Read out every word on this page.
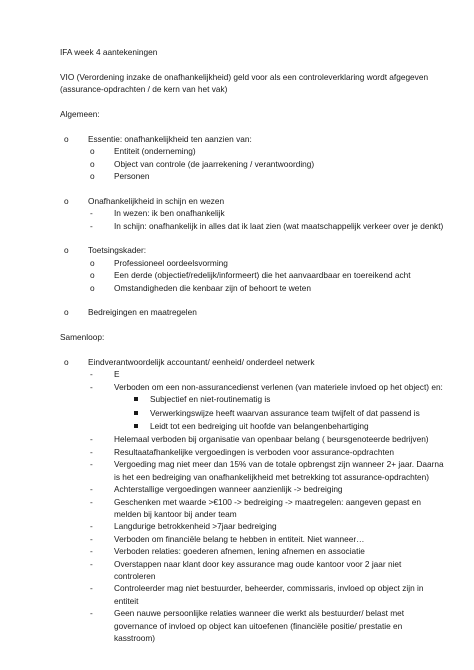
IFA week 4 aantekeningen

VIO (Verordening inzake de onafhankelijkheid) geld voor als een controleverklaring wordt afgegeven (assurance-opdrachten / de kern van het vak)

Algemeen:

o	Essentie: onafhankelijkheid ten aanzien van:
o	Entiteit (onderneming)
o	Object van controle (de jaarrekening / verantwoording)
o	Personen
o	Onafhankelijkheid in schijn en wezen
-	In wezen: ik ben onafhankelijk
-	In schijn: onafhankelijk in alles dat ik laat zien (wat maatschappelijk verkeer over je denkt)
o	Toetsingskader:
o	Professioneel oordeelsvorming
o	Een derde (objectief/redelijk/informeert) die het aanvaardbaar en toereikend acht
o	Omstandigheden die kenbaar zijn of behoort te weten
o	Bedreigingen en maatregelen

Samenloop:

o	Eindverantwoordelijk accountant/ eenheid/ onderdeel netwerk
-	E
-	Verboden om een non-assurancedienst verlenen (van materiele invloed op het object) en:
Subjectief en niet-routinematig is
Verwerkingswijze heeft waarvan assurance team twijfelt of dat passend is
Leidt tot een bedreiging uit hoofde van belangenbehartiging
-	Helemaal verboden bij organisatie van openbaar belang ( beursgenoteerde bedrijven)
-	Resultaatafhankelijke vergoedingen is verboden voor assurance-opdrachten
-	Vergoeding mag niet meer dan 15% van de totale opbrengst zijn wanneer 2+ jaar. Daarna is het een bedreiging van onafhankelijkheid met betrekking tot assurance-opdrachten)
-	Achterstallige vergoedingen wanneer aanzienlijk -> bedreiging
-	Geschenken met waarde >€100 -> bedreiging -> maatregelen: aangeven gepast en melden bij kantoor bij ander team
-	Langdurige betrokkenheid >7jaar bedreiging
-	Verboden om financiële belang te hebben in entiteit. Niet wanneer…
-	Verboden relaties: goederen afnemen, lening afnemen en associatie
-	Overstappen naar klant door key assurance mag oude kantoor voor 2 jaar niet controleren
-	Controleerder mag niet bestuurder, beheerder, commissaris, invloed op object zijn in entiteit
-	Geen nauwe persoonlijke relaties wanneer die werkt als bestuurder/ belast met governance of invloed op object kan uitoefenen (financiële positie/ prestatie en kasstroom)
